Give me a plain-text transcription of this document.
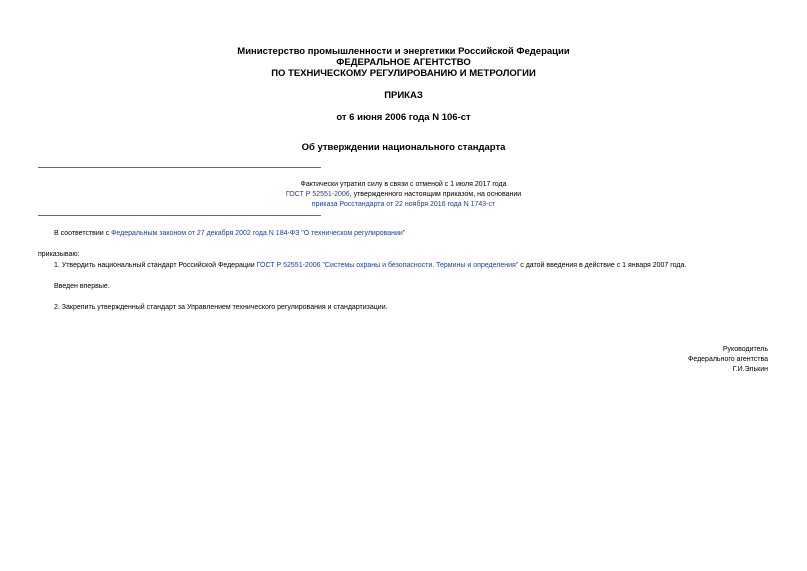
Министерство промышленности и энергетики Российской Федерации
ФЕДЕРАЛЬНОЕ АГЕНТСТВО
ПО ТЕХНИЧЕСКОМУ РЕГУЛИРОВАНИЮ И МЕТРОЛОГИИ
ПРИКАЗ
от 6 июня 2006 года N 106-ст
Об утверждении национального стандарта
Фактически утратил силу в связи с отменой с 1 июля 2017 года
ГОСТ Р 52551-2006, утвержденного настоящим приказом, на основании
приказа Росстандарта от 22 ноября 2016 года N 1743-ст
В соответствии с Федеральным законом от 27 декабря 2002 года N 184-ФЗ "О техническом регулировании"
приказываю:
1. Утвердить национальный стандарт Российской Федерации ГОСТ Р 52551-2006 "Системы охраны и безопасности. Термины и определения" с датой введения в действие с 1 января 2007 года.
Введен впервые.
2. Закрепить утвержденный стандарт за Управлением технического регулирования и стандартизации.
Руководитель
Федерального агентства
Г.И.Элькин
